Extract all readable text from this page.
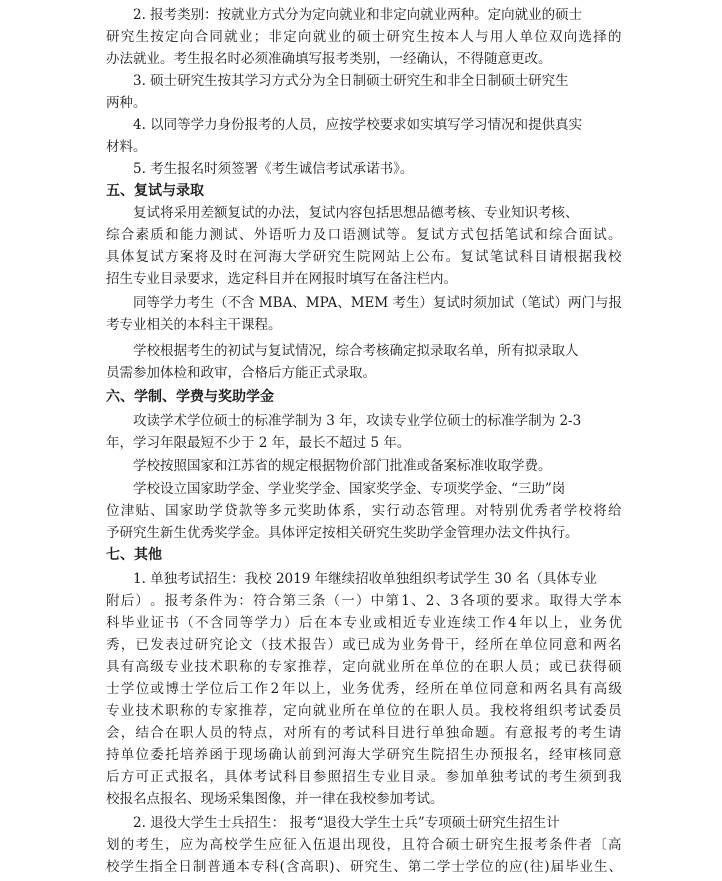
2. 报考类别：按就业方式分为定向就业和非定向就业两种。定向就业的硕士
研 究 生 按 定 向 合 同 就 业 ； 非 定 向 就 业 的 硕 士 研 究 生 按 本 人 与 用 人 单 位 双 向 选 择 的
办法就业。考生报名时必须准确填写报考类别，一经确认，不得随意更改。
3. 硕士研究生按其学习方式分为全日制硕士研究生和非全日制硕士研究生
两种。
4. 以同等学力身份报考的人员，应按学校要求如实填写学习情况和提供真实
材料。
5. 考生报名时须签署《考生诚信考试承诺书》。
五、复试与录取
复试将采用差额复试的办法，复试内容包括思想品德考核、专业知识考核、
综 合 素 质 和 能 力 测 试 、 外 语 听 力 及 口 语 测 试 等 。 复 试 方 式 包 括 笔 试 和 综 合 面 试 。
具 体 复 试 方 案 将 及 时 在 河 海 大 学 研 究 生 院 网 站 上 公 布 。 复 试 笔 试 科 目 请 根 据 我 校
招生专业目录要求，选定科目并在网报时填写在备注栏内。
同等学力考生（不含 MBA、MPA、MEM 考生）复试时须加试（笔试）两门与报
考专业相关的本科主干课程。
学校根据考生的初试与复试情况，综合考核确定拟录取名单，所有拟录取人
员需参加体检和政审，合格后方能正式录取。
六、学制、学费与奖助学金
攻读学术学位硕士的标准学制为 3 年，攻读专业学位硕士的标准学制为 2-3
年，学习年限最短不少于 2 年，最长不超过 5 年。
学校按照国家和江苏省的规定根据物价部门批准或备案标准收取学费。
学校设立国家助学金、学业奖学金、国家奖学金、专项奖学金、“三助”岗
位 津 贴 、 国 家 助 学 贷 款 等 多 元 奖 助 体 系 ， 实 行 动 态 管 理 。 对 特 别 优 秀 者 学 校 将 给
予研究生新生优秀奖学金。具体评定按相关研究生奖助学金管理办法文件执行。
七、其他
1. 单独考试招生：我校 2019 年继续招收单独组织考试学生 30 名（具体专业
附 后 ） 。 报 考 条 件 为 ： 符 合 第 三 条 （ 一 ） 中 第 1 、 2 、 3 各 项 的 要 求 。 取 得 大 学 本
科 毕 业 证 书 （ 不 含 同 等 学 力 ） 后 在 本 专 业 或 相 近 专 业 连 续 工 作 4 年 以 上 ， 业 务 优
秀 ， 已 发 表 过 研 究 论 文 （ 技 术 报 告 ） 或 已 成 为 业 务 骨 干 ， 经 所 在 单 位 同 意 和 两 名
具 有 高 级 专 业 技 术 职 称 的 专 家 推 荐 ， 定 向 就 业 所 在 单 位 的 在 职 人 员 ； 或 已 获 得 硕
士 学 位 或 博 士 学 位 后 工 作 2 年 以 上 ， 业 务 优 秀 ， 经 所 在 单 位 同 意 和 两 名 具 有 高 级
专 业 技 术 职 称 的 专 家 推 荐 ， 定 向 就 业 所 在 单 位 的 在 职 人 员 。 我 校 将 组 织 考 试 委 员
会 ， 结 合 在 职 人 员 的 特 点 ， 对 所 有 的 考 试 科 目 进 行 单 独 命 题 。 有 意 报 考 的 考 生 请
持 单 位 委 托 培 养 函 于 现 场 确 认 前 到 河 海 大 学 研 究 生 院 招 生 办 预 报 名 ， 经 审 核 同 意
后 方 可 正 式 报 名 ， 具 体 考 试 科 目 参 照 招 生 专 业 目 录 。 参 加 单 独 考 试 的 考 生 须 到 我
校报名点报名、现场采集图像，并一律在我校参加考试。
2. 退役大学生士兵招生： 报考“退役大学生士兵”专项硕士研究生招生计
划 的 考 生 ， 应 为 高 校 学 生 应 征 入 伍 退 出 现 役 ， 且 符 合 硕 士 研 究 生 报 考 条 件 者 〔 高
校 学 生 指 全 日 制 普 通 本 专 科 ( 含 高 职 ) 、 研 究 生 、 第 二 学 士 学 位 的 应 ( 往 ) 届 毕 业 生 、
